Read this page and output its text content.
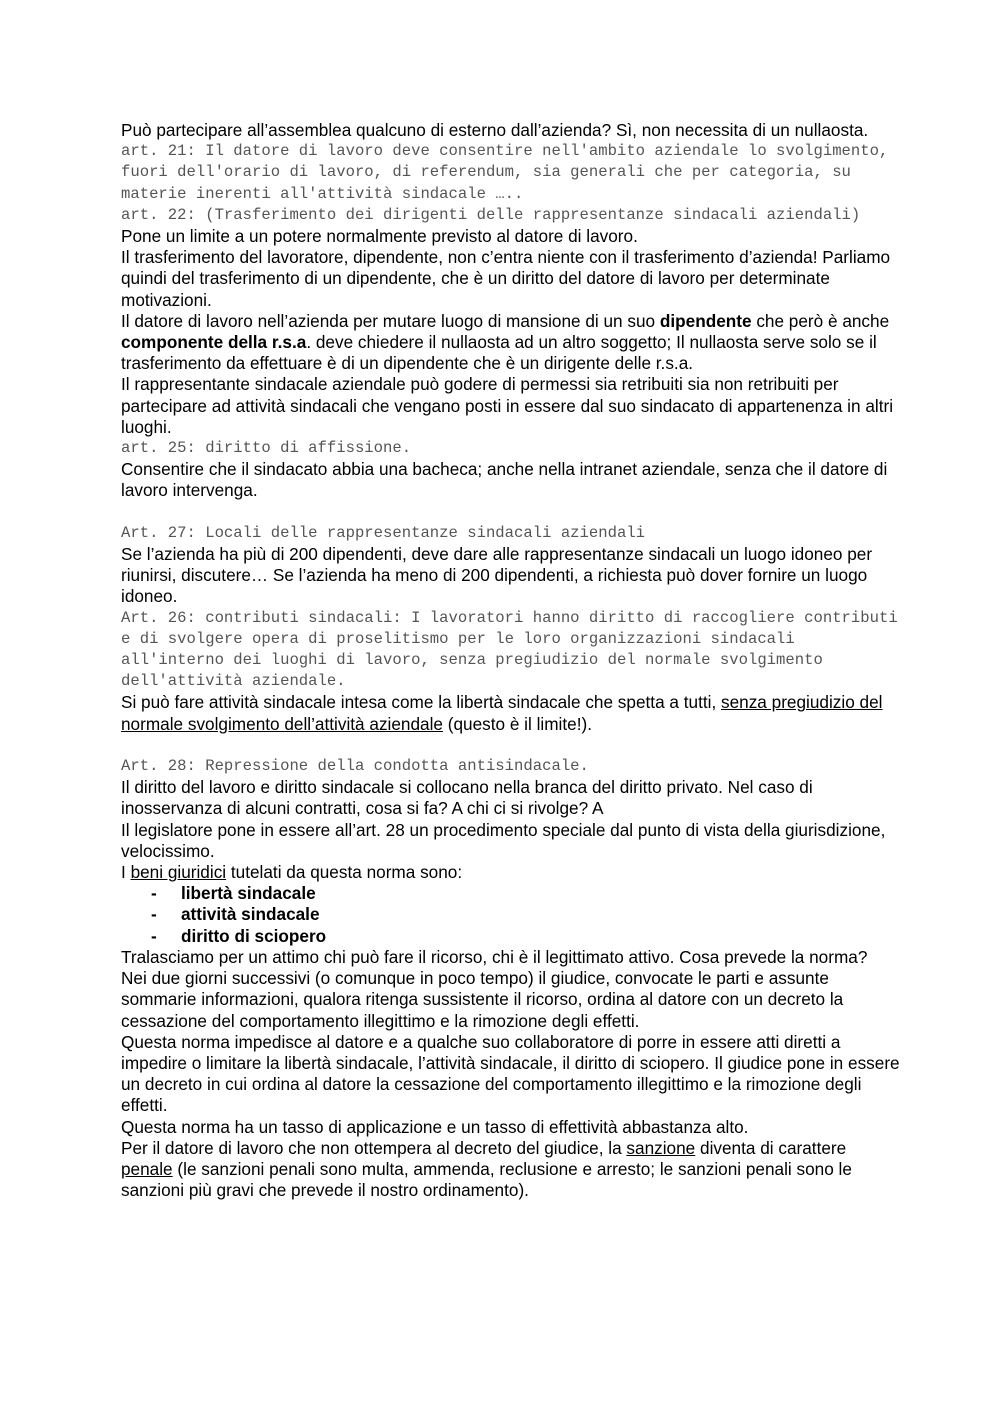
Può partecipare all’assemblea qualcuno di esterno dall’azienda? Sì, non necessita di un nullaosta.

art. 21: Il datore di lavoro deve consentire nell'ambito aziendale lo svolgimento, fuori dell'orario di lavoro, di referendum, sia generali che per categoria, su materie inerenti all'attività sindacale …..

art. 22: (Trasferimento dei dirigenti delle rappresentanze sindacali aziendali)

Pone un limite a un potere normalmente previsto al datore di lavoro.

Il trasferimento del lavoratore, dipendente, non c’entra niente con il trasferimento d’azienda! Parliamo quindi del trasferimento di un dipendente, che è un diritto del datore di lavoro per determinate motivazioni.

Il datore di lavoro nell’azienda per mutare luogo di mansione di un suo dipendente che però è anche componente della r.s.a. deve chiedere il nullaosta ad un altro soggetto; Il nullaosta serve solo se il trasferimento da effettuare è di un dipendente che è un dirigente delle r.s.a.

Il rappresentante sindacale aziendale può godere di permessi sia retribuiti sia non retribuiti per partecipare ad attività sindacali che vengano posti in essere dal suo sindacato di appartenenza in altri luoghi.

art. 25: diritto di affissione.

Consentire che il sindacato abbia una bacheca; anche nella intranet aziendale, senza che il datore di lavoro intervenga.

Art. 27: Locali delle rappresentanze sindacali aziendali

Se l’azienda ha più di 200 dipendenti, deve dare alle rappresentanze sindacali un luogo idoneo per riunirsi, discutere… Se l’azienda ha meno di 200 dipendenti, a richiesta può dover fornire un luogo idoneo.

Art. 26: contributi sindacali: I lavoratori hanno diritto di raccogliere contributi e di svolgere opera di proselitismo per le loro organizzazioni sindacali all'interno dei luoghi di lavoro, senza pregiudizio del normale svolgimento dell'attività aziendale.

Si può fare attività sindacale intesa come la libertà sindacale che spetta a tutti, senza pregiudizio del normale svolgimento dell’attività aziendale (questo è il limite!).

Art. 28: Repressione della condotta antisindacale.

Il diritto del lavoro e diritto sindacale si collocano nella branca del diritto privato. Nel caso di inosservanza di alcuni contratti, cosa si fa? A chi ci si rivolge? A

Il legislatore pone in essere all’art. 28 un procedimento speciale dal punto di vista della giurisdizione, velocissimo.

I beni giuridici tutelati da questa norma sono:

- libertà sindacale
- attività sindacale
- diritto di sciopero

Tralasciamo per un attimo chi può fare il ricorso, chi è il legittimato attivo. Cosa prevede la norma?

Nei due giorni successivi (o comunque in poco tempo) il giudice, convocate le parti e assunte sommarie informazioni, qualora ritenga sussistente il ricorso, ordina al datore con un decreto la cessazione del comportamento illegittimo e la rimozione degli effetti.

Questa norma impedisce al datore e a qualche suo collaboratore di porre in essere atti diretti a impedire o limitare la libertà sindacale, l’attività sindacale, il diritto di sciopero. Il giudice pone in essere un decreto in cui ordina al datore la cessazione del comportamento illegittimo e la rimozione degli effetti.

Questa norma ha un tasso di applicazione e un tasso di effettività abbastanza alto.

Per il datore di lavoro che non ottempera al decreto del giudice, la sanzione diventa di carattere penale (le sanzioni penali sono multa, ammenda, reclusione e arresto; le sanzioni penali sono le sanzioni più gravi che prevede il nostro ordinamento).
